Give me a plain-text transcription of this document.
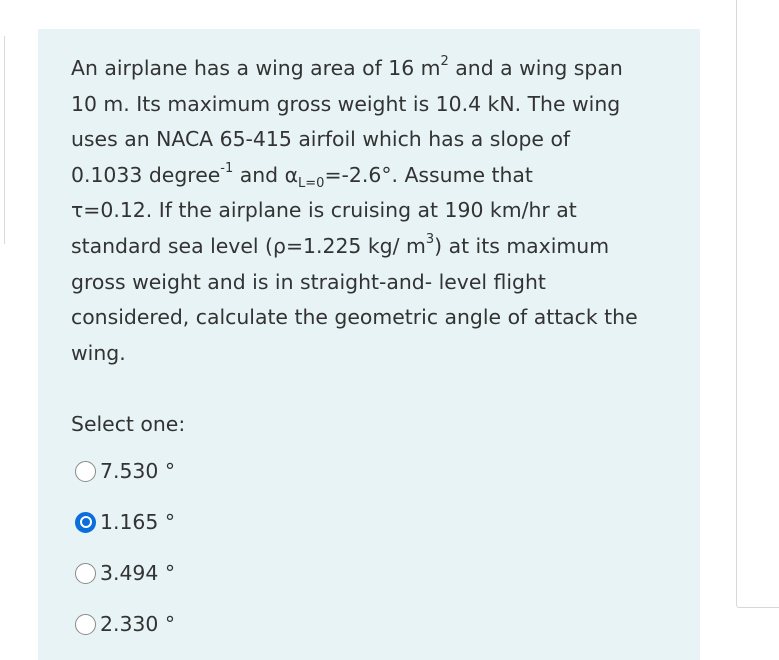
An airplane has a wing area of 16 $m^2$ and a wing span
10 m. Its maximum gross weight is 10.4 kN. The wing
uses an NACA 65-415 airfoil which has a slope of
0.1033 degree$^{-1}$ and $\alpha_{L=0}=-2.6^\circ$. Assume that
τ=0.12. If the airplane is cruising at 190 km/hr at
standard sea level (ρ=1.225 kg/ $m^3$) at its maximum
gross weight and is in straight-and- level flight
considered, calculate the geometric angle of attack the
wing.

Select one:
7.530 °
1.165 °
3.494 °
2.330 °
